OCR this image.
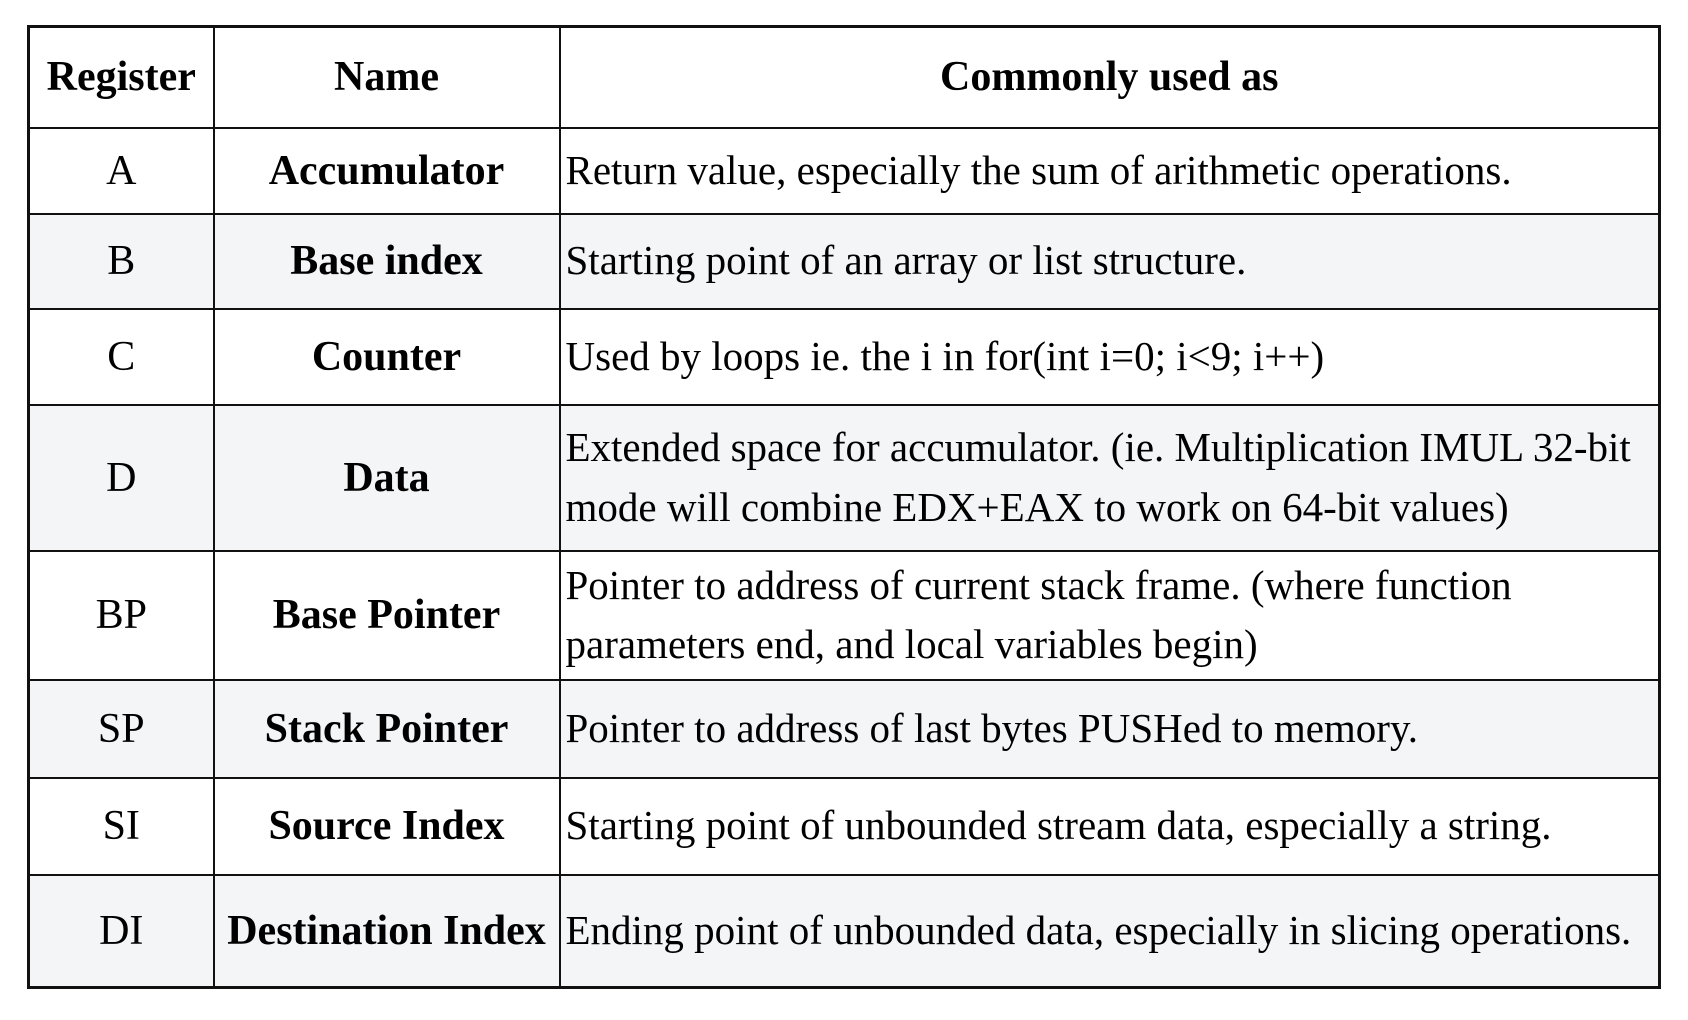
Register	Name	Commonly used as
A	Accumulator	Return value, especially the sum of arithmetic operations.
B	Base index	Starting point of an array or list structure.
C	Counter	Used by loops ie. the i in for(int i=0; i<9; i++)
D	Data	Extended space for accumulator. (ie. Multiplication IMUL 32-bit mode will combine EDX+EAX to work on 64-bit values)
BP	Base Pointer	Pointer to address of current stack frame. (where function parameters end, and local variables begin)
SP	Stack Pointer	Pointer to address of last bytes PUSHed to memory.
SI	Source Index	Starting point of unbounded stream data, especially a string.
DI	Destination Index	Ending point of unbounded data, especially in slicing operations.
